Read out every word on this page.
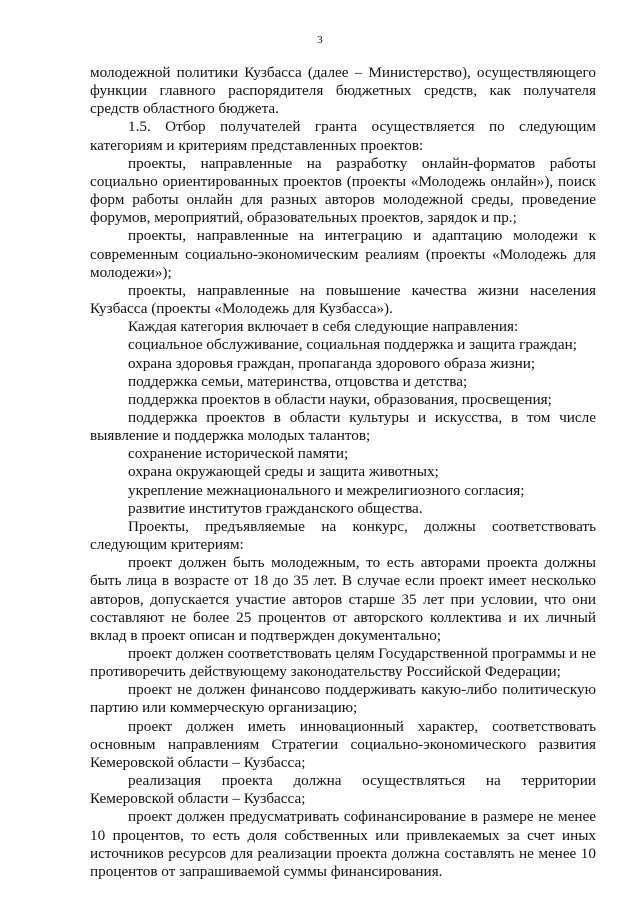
3

молодежной политики Кузбасса (далее – Министерство), осуществляющего функции главного распорядителя бюджетных средств, как получателя средств областного бюджета.

1.5. Отбор получателей гранта осуществляется по следующим категориям и критериям представленных проектов:

проекты, направленные на разработку онлайн-форматов работы социально ориентированных проектов (проекты «Молодежь онлайн»), поиск форм работы онлайн для разных авторов молодежной среды, проведение форумов, мероприятий, образовательных проектов, зарядок и пр.;

проекты, направленные на интеграцию и адаптацию молодежи к современным социально-экономическим реалиям (проекты «Молодежь для молодежи»);

проекты, направленные на повышение качества жизни населения Кузбасса (проекты «Молодежь для Кузбасса»).

Каждая категория включает в себя следующие направления:

социальное обслуживание, социальная поддержка и защита граждан;

охрана здоровья граждан, пропаганда здорового образа жизни;

поддержка семьи, материнства, отцовства и детства;

поддержка проектов в области науки, образования, просвещения;

поддержка проектов в области культуры и искусства, в том числе выявление и поддержка молодых талантов;

сохранение исторической памяти;

охрана окружающей среды и защита животных;

укрепление межнационального и межрелигиозного согласия;

развитие институтов гражданского общества.

Проекты, предъявляемые на конкурс, должны соответствовать следующим критериям:

проект должен быть молодежным, то есть авторами проекта должны быть лица в возрасте от 18 до 35 лет. В случае если проект имеет несколько авторов, допускается участие авторов старше 35 лет при условии, что они составляют не более 25 процентов от авторского коллектива и их личный вклад в проект описан и подтвержден документально;

проект должен соответствовать целям Государственной программы и не противоречить действующему законодательству Российской Федерации;

проект не должен финансово поддерживать какую-либо политическую партию или коммерческую организацию;

проект должен иметь инновационный характер, соответствовать основным направлениям Стратегии социально-экономического развития Кемеровской области – Кузбасса;

реализация проекта должна осуществляться на территории Кемеровской области – Кузбасса;

проект должен предусматривать софинансирование в размере не менее 10 процентов, то есть доля собственных или привлекаемых за счет иных источников ресурсов для реализации проекта должна составлять не менее 10 процентов от запрашиваемой суммы финансирования.
